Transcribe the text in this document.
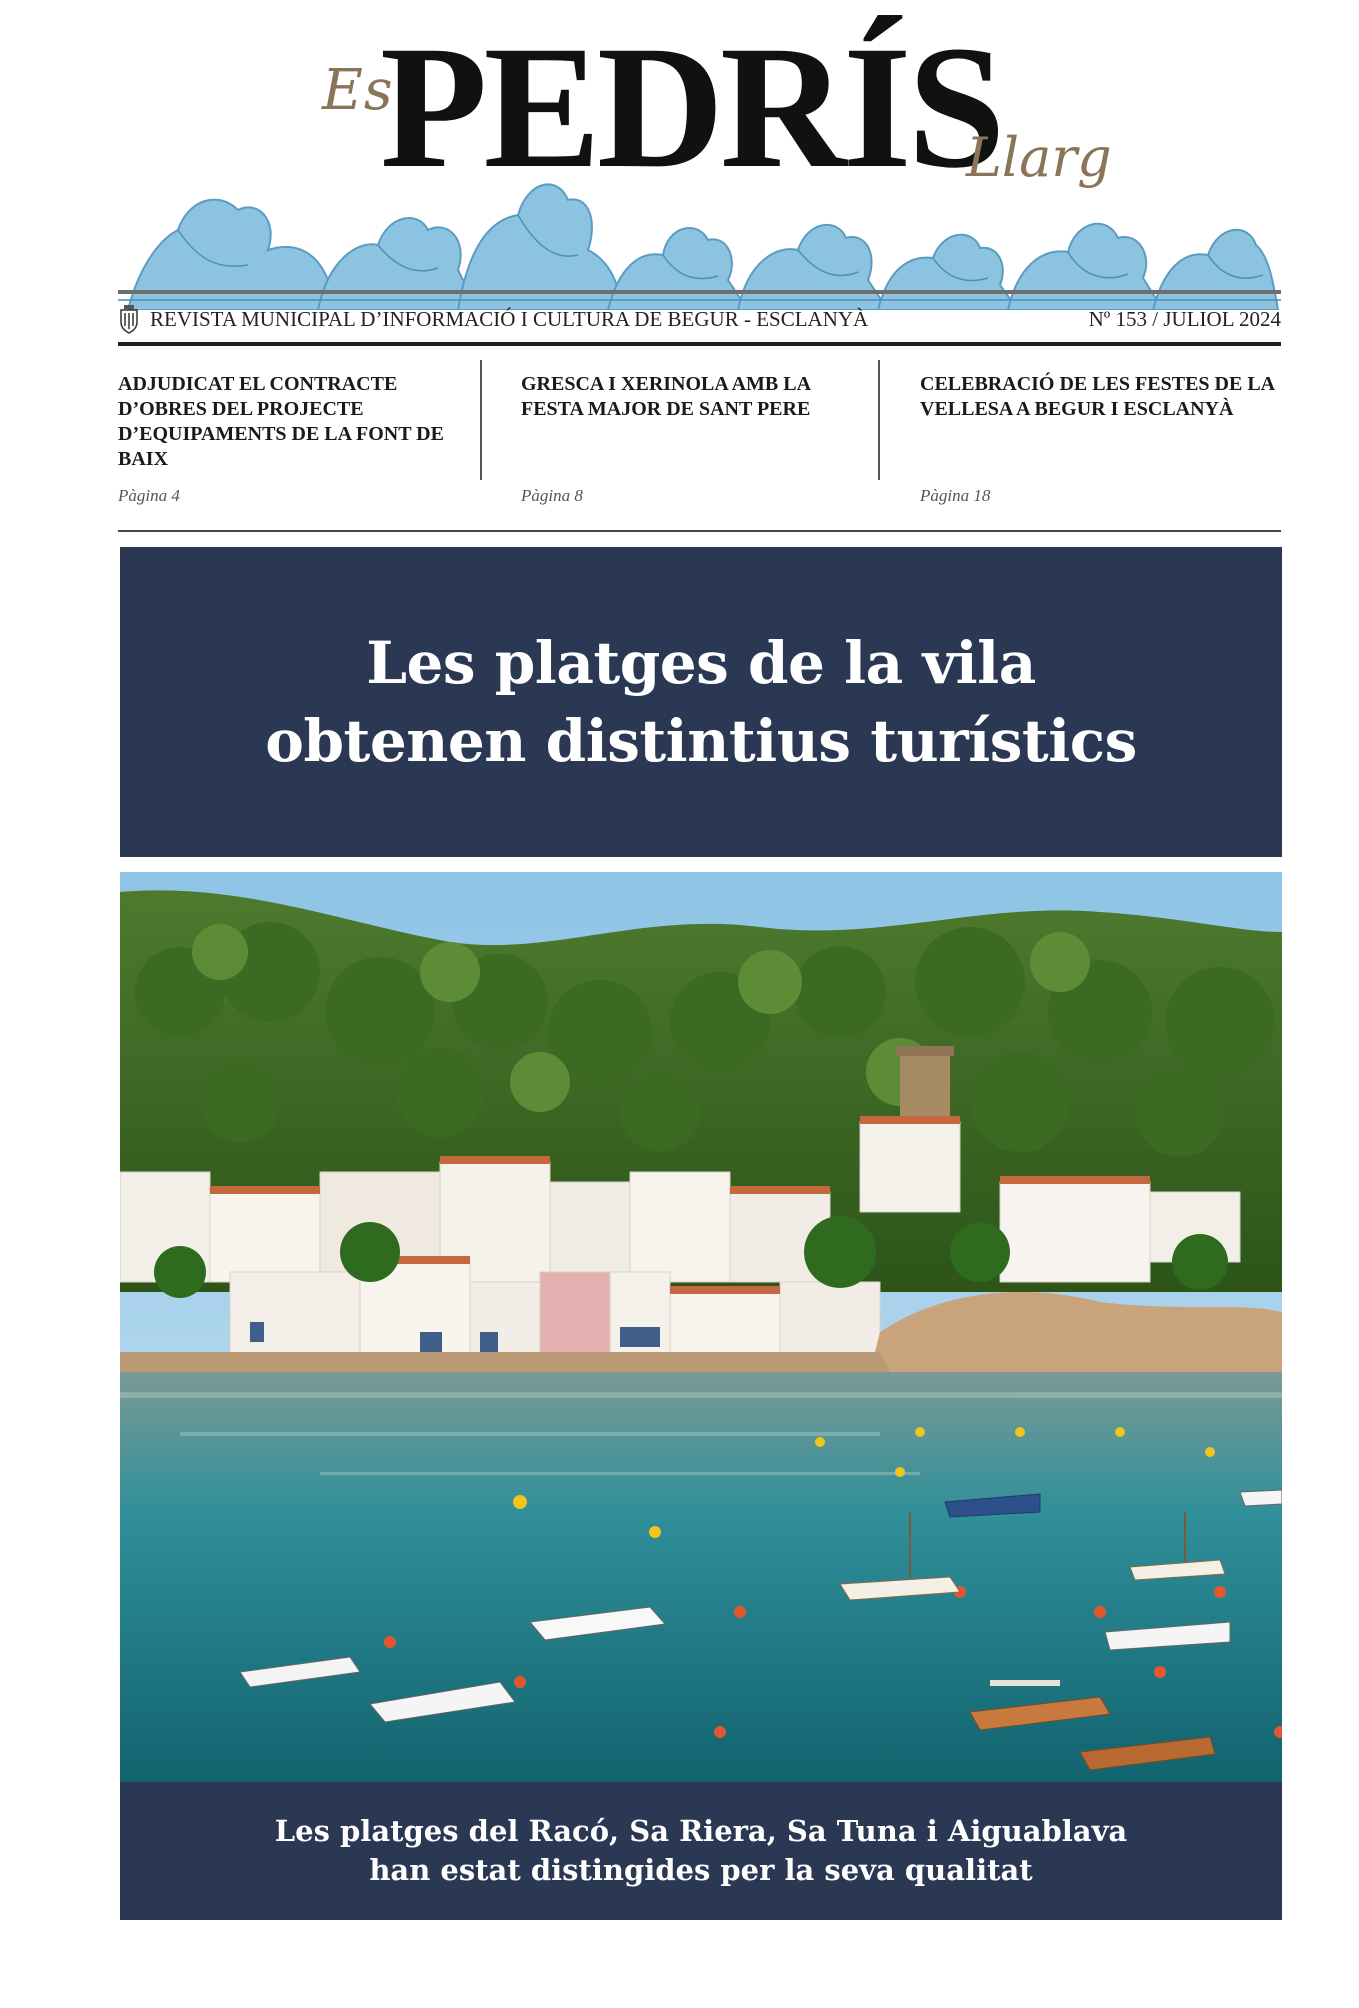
Es
PEDRÍS
Llarg
REVISTA MUNICIPAL D’INFORMACIÓ I CULTURA DE BEGUR - ESCLANYÀ	Nº 153 / JULIOL 2024
ADJUDICAT EL CONTRACTE D’OBRES DEL PROJECTE D’EQUIPAMENTS DE LA FONT DE BAIX
Pàgina 4
GRESCA I XERINOLA AMB LA FESTA MAJOR DE SANT PERE
Pàgina 8
CELEBRACIÓ DE LES FESTES DE LA VELLESA A BEGUR I ESCLANYÀ
Pàgina 18
Les platges de la vila
obtenen distintius turístics

Les platges del Racó, Sa Riera, Sa Tuna i Aiguablava
han estat distingides per la seva qualitat
